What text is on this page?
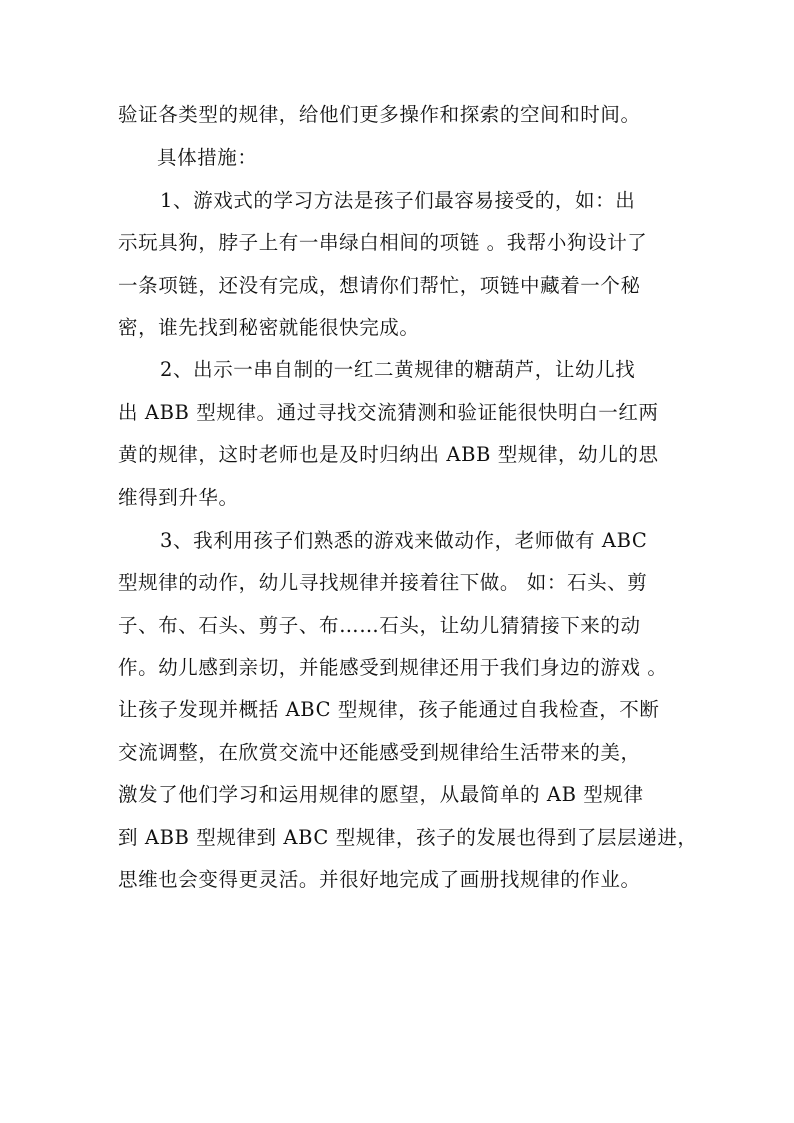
验证各类型的规律，给他们更多操作和探索的空间和时间。
具体措施：
1、游戏式的学习方法是孩子们最容易接受的，如：出
示玩具狗，脖子上有一串绿白相间的项链 。我帮小狗设计了
一条项链，还没有完成，想请你们帮忙，项链中藏着一个秘
密，谁先找到秘密就能很快完成。
2、出示一串自制的一红二黄规律的糖葫芦，让幼儿找
出 ABB 型规律。通过寻找交流猜测和验证能很快明白一红两
黄的规律，这时老师也是及时归纳出 ABB 型规律，幼儿的思
维得到升华。
3、我利用孩子们熟悉的游戏来做动作，老师做有 ABC
型规律的动作，幼儿寻找规律并接着往下做。 如：石头、剪
子、布、石头、剪子、布……石头，让幼儿猜猜接下来的动
作。幼儿感到亲切，并能感受到规律还用于我们身边的游戏 。
让孩子发现并概括 ABC 型规律，孩子能通过自我检查，不断
交流调整，在欣赏交流中还能感受到规律给生活带来的美，
激发了他们学习和运用规律的愿望，从最简单的 AB 型规律
到 ABB 型规律到 ABC 型规律，孩子的发展也得到了层层递进，
思维也会变得更灵活。并很好地完成了画册找规律的作业。
